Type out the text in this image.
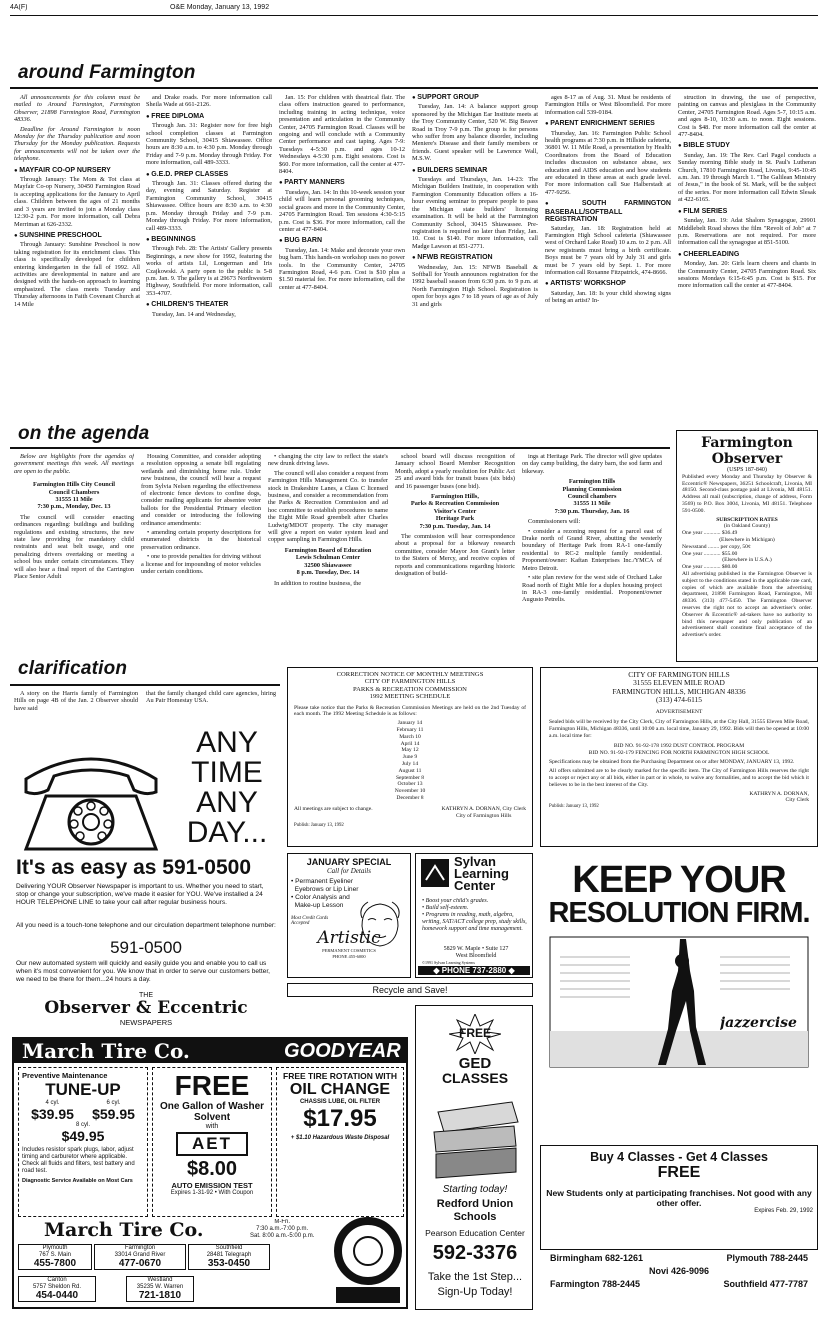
4A(F)	O&E Monday, January 13, 1992
around Farmington

All announcements for this column must be mailed to Around Farmington, Farmington Observer, 21898 Farmington Road, Farmington 48336.

Deadline for Around Farmington is noon Monday for the Thursday publication and noon Thursday for the Monday publication. Requests for announcements will not be taken over the telephone.

● MAYFAIR CO-OP NURSERY

Through January: The Mom & Tot class at Mayfair Co-op Nursery, 30450 Farmington Road is accepting applications for the January to April class. Children between the ages of 21 months and 3 years are invited to join a Monday class 12:30-2 p.m. For more information, call Debra Merriman at 626-2332.

● SUNSHINE PRESCHOOL

Through January: Sunshine Preschool is now taking registration for its enrichment class. This class is specifically developed for children entering kindergarten in the fall of 1992. All activities are developmental in nature and are designed with the hands-on approach to learning emphasized. The class meets Tuesday and Thursday afternoons in Faith Covenant Church at 14 Mile

and Drake roads. For more information call Sheila Wade at 661-2126.

● FREE DIPLOMA

Through Jan. 31: Register now for free high school completion classes at Farmington Community School, 30415 Shiawassee. Office hours are 8:30 a.m. to 4:30 p.m. Monday through Friday and 7-9 p.m. Monday through Friday. For more information, call 489-3333.

● G.E.D. PREP CLASSES

Through Jan. 31: Classes offered during the day, evening and Saturday. Register at Farmington Community School, 30415 Shiawassee. Office hours are 8:30 a.m. to 4:30 p.m. Monday through Friday and 7-9 p.m. Monday through Friday. For more information, call 489-3333.

● BEGINNINGS

Through Feb. 28: The Artists' Gallery presents Beginnings, a new show for 1992, featuring the works of artists Lil, Longerman and Iris Czajkowski. A party open to the public is 5-8 p.m. Jan. 9. The gallery is at 29673 Northwestern Highway, Southfield. For more information, call 353-4707.

● CHILDREN'S THEATER

Tuesday, Jan. 14 and Wednesday,

Jan. 15: For children with theatrical flair. The class offers instruction geared to performance, including training in acting technique, voice presentation and articulation in the Community Center, 24705 Farmington Road. Classes will be ongoing and will conclude with a Community Center performance and cast taping. Ages 7-9: Tuesdays 4-5:30 p.m. and ages 10-12 Wednesdays 4-5:30 p.m. Eight sessions. Cost is $60. For more information, call the center at 477-8404.

● PARTY MANNERS

Tuesdays, Jan. 14: In this 10-week session your child will learn personal grooming techniques, social graces and more in the Community Center, 24705 Farmington Road. Ten sessions 4:30-5:15 p.m. Cost is $36. For more information, call the center at 477-8404.

● BUG BARN

Tuesday, Jan. 14: Make and decorate your own bug barn. This hands-on workshop uses no power tools. In the Community Center, 24705 Farmington Road, 4-6 p.m. Cost is $10 plus a $1.50 material fee. For more information, call the center at 477-8404.

● SUPPORT GROUP

Tuesday, Jan. 14: A balance support group sponsored by the Michigan Ear Institute meets at the Troy Community Center, 520 W. Big Beaver Road in Troy 7-9 p.m. The group is for persons who suffer from any balance disorder, including Meniere's Disease and their family members or friends. Guest speaker will be Lawrence Wall, M.S.W.

● BUILDERS SEMINAR

Tuesdays and Thursdays, Jan. 14-23: The Michigan Builders Institute, in cooperation with Farmington Community Education offers a 16-hour evening seminar to prepare people to pass the Michigan state builders' licensing examination. It will be held at the Farmington Community School, 30415 Shiawassee. Pre-registration is required no later than Friday, Jan. 10. Cost is $140. For more information, call Madge Lawson at 851-2771.

● NFWB REGISTRATION

Wednesday, Jan. 15: NFWB Baseball & Softball for Youth announces registration for the 1992 baseball season from 6:30 p.m. to 9 p.m. at North Farmington High School. Registration is open for boys ages 7 to 18 years of age as of July 31 and girls

ages 8-17 as of Aug. 31. Must be residents of Farmington Hills or West Bloomfield. For more information call 539-0184.

● PARENT ENRICHMENT SERIES

Thursday, Jan. 16: Farmington Public School health programs at 7:30 p.m. in Hillside cafeteria, 36801 W. 11 Mile Road, a presentation by Health Coordinators from the Board of Education includes discussion on substance abuse, sex education and AIDS education and how students are educated in these areas at each grade level. For more information call Sue Halberstadt at 477-9256.

● SOUTH FARMINGTON BASEBALL/SOFTBALL REGISTRATION

Saturday, Jan. 18: Registration held at Farmington High School cafeteria (Shiawassee west of Orchard Lake Road) 10 a.m. to 2 p.m. All new registrants must bring a birth certificate. Boys must be 7 years old by July 31 and girls must be 7 years old by Sept. 1. For more information call Roxanne Fitzpatrick, 474-8666.

● ARTISTS' WORKSHOP

Saturday, Jan. 18: Is your child showing signs of being an artist? In-

struction in drawing, the use of perspective, painting on canvas and plexiglass in the Community Center, 24705 Farmington Road. Ages 5-7, 10:15 a.m. and ages 8-10, 10:30 a.m. to noon. Eight sessions. Cost is $48. For more information call the center at 477-8404.

● BIBLE STUDY

Sunday, Jan. 19: The Rev. Carl Pagel conducts a Sunday morning Bible study in St. Paul's Lutheran Church, 17810 Farmington Road, Livonia, 9:45-10:45 a.m. Jan. 19 through March 1. "The Galilean Ministry of Jesus," in the book of St. Mark, will be the subject of the series. For more information call Edwin Slesak at 422-6165.

● FILM SERIES

Sunday, Jan. 19: Adat Shalom Synagogue, 29901 Middlebelt Road shows the film "Revolt of Job" at 7 p.m. Reservations are not required. For more information call the synagogue at 851-5100.

● CHEERLEADING

Monday, Jan. 20: Girls learn cheers and chants in the Community Center, 24705 Farmington Road. Six sessions Mondays 6:15-6:45 p.m. Cost is $15. For more information call the center at 477-8404.

on the agenda

Below are highlights from the agendas of government meetings this week. All meetings are open to the public.

Farmington Hills City Council
Council Chambers
31555 11 Mile
7:30 p.m., Monday, Dec. 13

The council will consider enacting ordinances regarding: buildings and building regulations and existing structures, the new state law providing for mandatory child restraints and seat belt usage, and one penalizing drivers overtaking or meeting a school bus under certain circumstances. They will also hear a final report of the Carrington Place Senior Adult

Housing Committee, and consider adopting a resolution opposing a senate bill regulating wetlands and diminishing home rule. Under new business, the council will hear a request from Sylvia Nelsen regarding the effectiveness of electronic fence devices to confine dogs, consider mailing applicants for absentee voter ballots for the Presidential Primary election and consider or introducing the following ordinance amendments:

• amending certain property descriptions for enumerated districts in the historical preservation ordinance.

• one to provide penalties for driving without a license and for impounding of motor vehicles under certain conditions.

• changing the city law to reflect the state's new drunk driving laws.

The council will also consider a request from Farmington Hills Management Co. to transfer stock in Drakeshire Lanes, a Class C licensed business, and consider a recommendation from the Parks & Recreation Commission and ad hoc committee to establish procedures to name the Eight Mile Road greenbelt after Charles Ludwig/MDOT property. The city manager will give a report on water system lead and copper sampling in Farmington Hills.

Farmington Board of Education
Lewis Schulman Center
32500 Shiawassee
8 p.m. Tuesday, Dec. 14

In addition to routine business, the

school board will discuss recognition of January school Board Member Recognition Month, adopt a yearly resolution for Public Act 25 and award bids for transit buses (six bids) and 16 passenger buses (one bid).

Farmington Hills,
Parks & Recreation Commission
Visitor's Center
Heritage Park
7:30 p.m. Tuesday, Jan. 14

The commission will hear correspondence about a proposal for a bikeway research committee, consider Mayor Jon Grant's letter to the Sisters of Mercy, and receive copies of reports and communications regarding historic designation of build-

ings at Heritage Park. The director will give updates on day camp building, the dairy barn, the sod farm and bikeway.

Farmington Hills
Planning Commission
Council chambers
31555 11 Mile
7:30 p.m. Thursday, Jan. 16

Commissioners will:

• consider a rezoning request for a parcel east of Drake north of Grand River, abutting the westerly boundary of Heritage Park from RA-1 one-family residential to RC-2 multiple family residential. Proponent/owner: Kaftan Enterprises Inc./YMCA of Metro Detroit.

• site plan review for the west side of Orchard Lake Road north of Eight Mile for a duplex housing project in RA-3 one-family residential. Proponent/owner Augusto Petrelis.

Farmington Observer
(USPS 187-840)

Published every Monday and Thursday by Observer & Eccentric® Newspapers, 36251 Schoolcraft, Livonia, MI 48150. Second-class postage paid at Livonia, MI 48151. Address all mail (subscription, change of address, Form 3569) to P.O. Box 3004, Livonia, MI 48151. Telephone 591-0500.

SUBSCRIPTION RATES
(in Oakland County)
One year ............ $36.49
(Elsewhere in Michigan)
Newsstand ........ per copy, 50¢
One year ............ $55.00
(Elsewhere in U.S.A.)
One year ............ $80.00

All advertising published in the Farmington Observer is subject to the conditions stated in the applicable rate card, copies of which are available from the advertising department, 21898 Farmington Road, Farmington, MI 48336. (313) 477-5450. The Farmington Observer reserves the right not to accept an advertiser's order. Observer & Eccentric® ad-takers have no authority to bind this newspaper and only publication of an advertisement shall constitute final acceptance of the advertiser's order.

clarification

A story on the Harris family of Farmington Hills on page 4B of the Jan. 2 Observer should have said

that the family changed child care agencies, hiring Au Pair Homestay USA.

ANY
TIME
ANY
DAY...
It's as easy as 591-0500
Delivering YOUR Observer Newspaper is important to us. Whether you need to start, stop or change your subscription, we've made it easier for YOU. We've installed a 24 HOUR TELEPHONE LINE to take your call after regular business hours.
All you need is a touch-tone telephone and our circulation department telephone number:
591-0500
Our new automated system will quickly and easily guide you and enable you to call us when it's most convenient for you. We know that in order to serve our customers better, we need to be there for them...24 hours a day.
THE
Observer & Eccentric
NEWSPAPERS
CORRECTION NOTICE OF MONTHLY MEETINGS
CITY OF FARMINGTON HILLS
PARKS & RECREATION COMMISSION
1992 MEETING SCHEDULE

Please take notice that the Parks & Recreation Commission Meetings are held on the 2nd Tuesday of each month. The 1992 Meeting Schedule is as follows:

January 14
February 11
March 10
April 14
May 12
June 9
July 14
August 11
September 8
October 13
November 10
December 8
All meetings are subject to change.	KATHRYN A. DORNAN, City Clerk
City of Farmington Hills
Publish: January 13, 1992
CITY OF FARMINGTON HILLS
31555 ELEVEN MILE ROAD
FARMINGTON HILLS, MICHIGAN 48336
(313) 474-6115
ADVERTISEMENT

Sealed bids will be received by the City Clerk, City of Farmington Hills, at the City Hall, 31555 Eleven Mile Road, Farmington Hills, Michigan 48336, until 10:00 a.m. local time, January 29, 1992. Bids will then be opened at 10:00 a.m. local time for:

BID NO. 91-92-178 1992 DUST CONTROL PROGRAM
BID NO. 91-92-179 FENCING FOR NORTH FARMINGTON HIGH SCHOOL

Specifications may be obtained from the Purchasing Department on or after MONDAY, JANUARY 13, 1992.

All offers submitted are to be clearly marked for the specific item. The City of Farmington Hills reserves the right to accept or reject any or all bids, either in part or in whole, to waive any formalities, and to accept the bid which it believes to be in the best interest of the City.

KATHRYN A. DORNAN,
City Clerk
Publish: January 13, 1992
JANUARY SPECIAL
Call for Details
• Permanent Eyeliner
Eyebrows or Lip Liner
• Color Analysis and
Make-up Lesson
Most Credit Cards Accepted
Artistic
PERMANENT COSMETICS
PHONE 455-6000
Sylvan
Learning
Center
• Boost your child's grades.
• Build self-esteem.
• Programs in reading, math, algebra, writing, SAT/ACT college prep, study skills, homework support and time management.
5829 W. Maple • Suite 127
West Bloomfield
©1991 Sylvan Learning Systems
◆ PHONE 737-2880 ◆
Recycle and Save!
KEEP YOUR
RESOLUTION FIRM.
jazzercise
Buy 4 Classes - Get 4 Classes
FREE
New Students only at participating franchises. Not good with any other offer.
Expires Feb. 29, 1992
Birmingham 682-1261	Plymouth 788-2445
Novi 426-9096
Farmington 788-2445	Southfield 477-7787
March Tire Co.	GOODYEAR
Preventive Maintenance
TUNE-UP
4 cyl.	6 cyl.
$39.95 $59.95
8 cyl.
$49.95
Includes resistor spark plugs, labor, adjust timing and carburetor where applicable. Check all fluids and filters, test battery and road test.
Diagnostic Service Available on Most Cars
FREE
One Gallon of Washer Solvent
with
AET
$8.00
AUTO EMISSION TEST
Expires 1-31-92 • With Coupon
FREE TIRE ROTATION WITH
OIL CHANGE
CHASSIS LUBE, OIL FILTER
$17.95
+ $1.10 Hazardous Waste Disposal
March Tire Co.	M-Fri.
7:30 a.m.-7:00 p.m.
Sat. 8:00 a.m.-5:00 p.m.
Plymouth
767 S. Main
455-7800
Farmington
33014 Grand River
477-0670
Southfield
28481 Telegraph
353-0450
Canton
5757 Sheldon Rd.
454-0440
Westland
35235 W. Warren
721-1810
FREE
GED
CLASSES
Starting today!
Redford Union
Schools
Pearson Education Center
592-3376
Take the 1st Step...
Sign-Up Today!
